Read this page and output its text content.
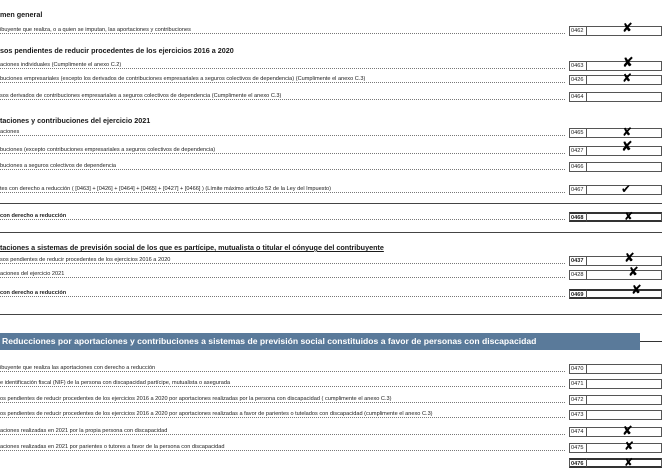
men general
sos pendientes de reducir procedentes de los ejercicios 2016 a 2020
taciones y contribuciones del ejercicio 2021
taciones a sistemas de previsión social de los que es partícipe, mutualista o titular el cónyuge del contribuyente
ibuyente que realiza, o a quien se imputan, las aportaciones y contribuciones	0462	✘
aciones individuales (Cumplimente el anexo C.2)	0463	✘
buciones empresariales (excepto los derivados de contribuciones empresariales a seguros colectivos de dependencia) (Cumplimente el anexo C.3)	0426	✘
sos derivados de contribuciones empresariales a seguros colectivos de dependencia (Cumplimente el anexo C.3)	0464
aciones	0465	✘
buciones (excepto contribuciones empresariales a seguros colectivos de dependencia)	0427	✘
buciones a seguros colectivos de dependencia	0466
tes con derecho a reducción ( [0463] + [0426] + [0464] + [0465] + [0427] + [0466] ) (Límite máximo artículo 52 de la Ley del Impuesto)	0467	✔
con derecho a reducción	0468	✘
sos pendientes de reducir procedentes de los ejercicios 2016 a 2020	0437	✘
aciones del ejercicio 2021	0428	✘
con derecho a reducción	0469	✘
Reducciones por aportaciones y contribuciones a sistemas de previsión social constituidos a favor de personas con discapacidad
ibuyente que realiza las aportaciones con derecho a reducción	0470
e identificación fiscal (NIF) de la persona con discapacidad partícipe, mutualista o asegurada	0471
os pendientes de reducir procedentes de los ejercicios 2016 a 2020 por aportaciones realizadas por la persona con discapacidad ( cumplimente el anexo C.3)	0472
os pendientes de reducir procedentes de los ejercicios 2016 a 2020 por aportaciones realizadas a favor de parientes o tutelados con discapacidad (cumplimente el anexo C.3)	0473
aciones realizadas en 2021 por la propia persona con discapacidad	0474	✘
aciones realizadas en 2021 por parientes o tutores a favor de la persona con discapacidad	0475	✘
0476	✘
